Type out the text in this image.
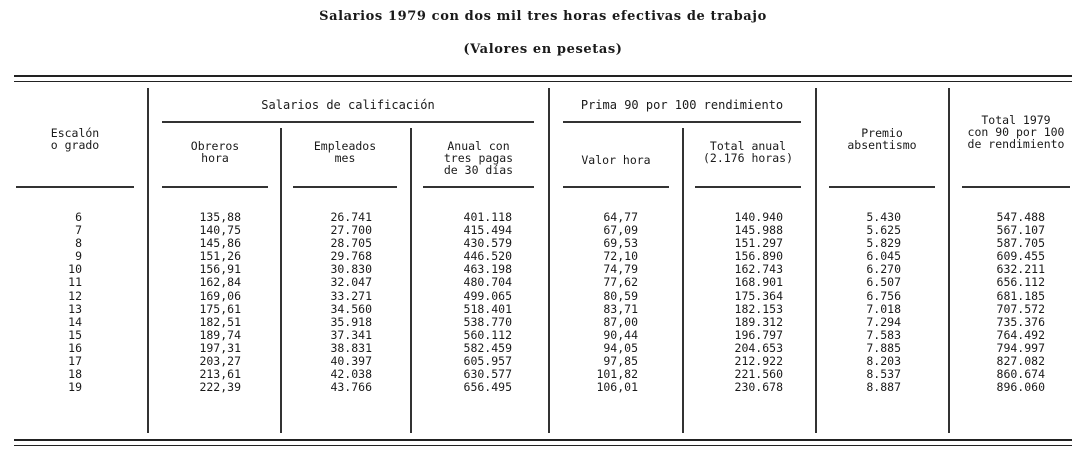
Salarios 1979 con dos mil tres horas efectivas de trabajo
(Valores en pesetas)
Salarios de calificación	Prima 90 por 100 rendimiento
Escalón
o grado	Obreros
hora
Empleados
mes
Anual con
tres pagas
de 30 días
Valor hora
Total anual
(2.176 horas)
Premio
absentismo
Total 1979
con 90 por 100
de rendimiento
6
7
8
9
10
11
12
13
14
15
16
17
18
19
135,88
140,75
145,86
151,26
156,91
162,84
169,06
175,61
182,51
189,74
197,31
203,27
213,61
222,39
26.741
27.700
28.705
29.768
30.830
32.047
33.271
34.560
35.918
37.341
38.831
40.397
42.038
43.766
401.118
415.494
430.579
446.520
463.198
480.704
499.065
518.401
538.770
560.112
582.459
605.957
630.577
656.495
64,77
67,09
69,53
72,10
74,79
77,62
80,59
83,71
87,00
90,44
94,05
97,85
101,82
106,01
140.940
145.988
151.297
156.890
162.743
168.901
175.364
182.153
189.312
196.797
204.653
212.922
221.560
230.678
5.430
5.625
5.829
6.045
6.270
6.507
6.756
7.018
7.294
7.583
7.885
8.203
8.537
8.887
547.488
567.107
587.705
609.455
632.211
656.112
681.185
707.572
735.376
764.492
794.997
827.082
860.674
896.060
